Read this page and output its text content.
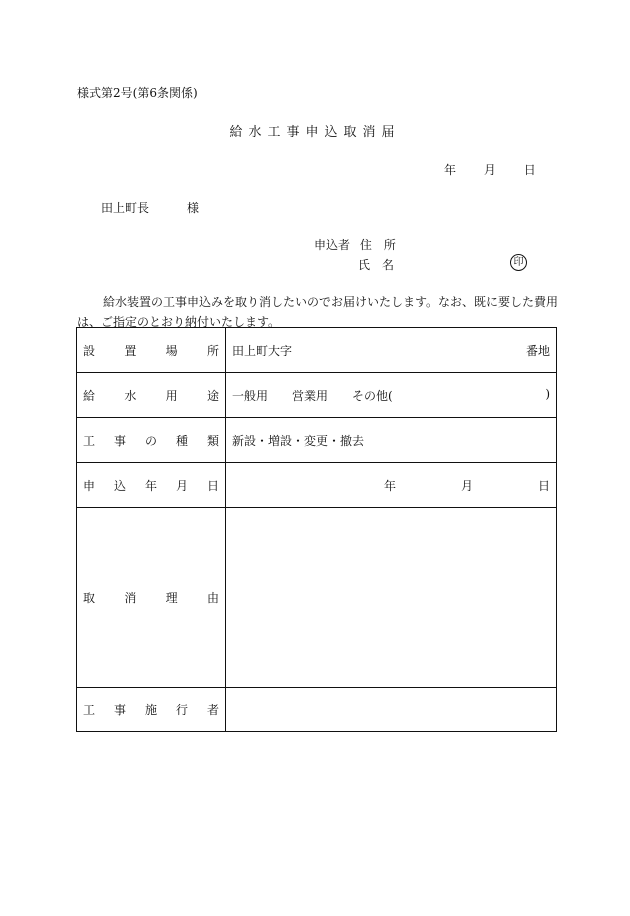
様式第2号(第6条関係)
給水工事申込取消届
年 月 日
田上町長	様
申込者 住　所
氏 名	印

給水装置の工事申込みを取り消したいのでお届けいたします。なお、既に要した費用

は、ご指定のとおり納付いたします。

設置場所	田上町大字 番地

給水用途	一般用　　営業用　　その他( )

工事の種類	新設・増設・変更・撤去
申込年月日	年 月 日

取消理由	
工事施行者	
